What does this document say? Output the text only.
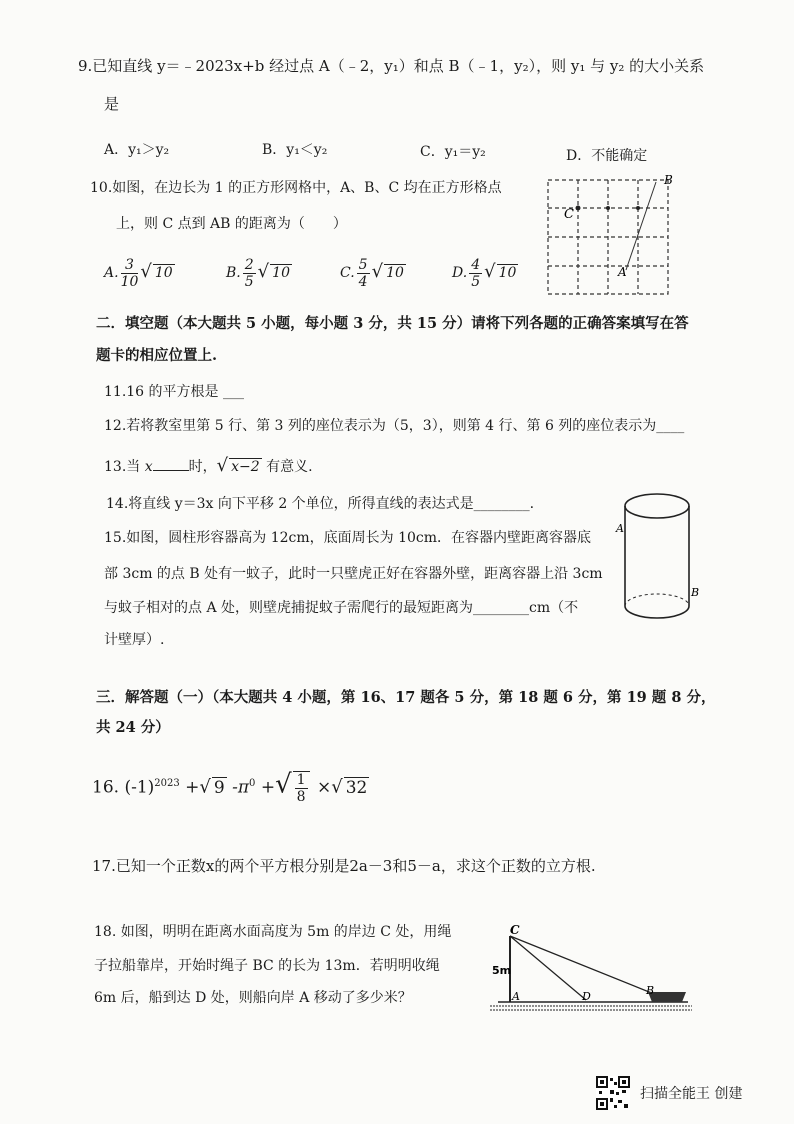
9.已知直线 y＝﹣2023x+b 经过点 A（﹣2，y₁）和点 B（﹣1，y₂），则 y₁ 与 y₂ 的大小关系
是
A．y₁＞y₂	B．y₁＜y₂	C．y₁＝y₂	D．不能确定
10.如图，在边长为 1 的正方形网格中，A、B、C 均在正方形格点
上，则 C 点到 AB 的距离为（　　）
A. $\frac{3}{10}$ √ 10	B. $\frac{2}{5}$ √ 10	C. $\frac{5}{4}$ √ 10	D. $\frac{4}{5}$ √ 10
C
B
A
二．填空题（本大题共 5 小题，每小题 3 分，共 15 分）请将下列各题的正确答案填写在答
题卡的相应位置上.
11.16 的平方根是 ___
12.若将教室里第 5 行、第 3 列的座位表示为（5，3），则第 4 行、第 6 列的座位表示为____
13.当 x	时，√ x−2 有意义.
14.将直线 y＝3x 向下平移 2 个单位，所得直线的表达式是________.
15.如图，圆柱形容器高为 12cm，底面周长为 10cm．在容器内壁距离容器底
部 3cm 的点 B 处有一蚊子，此时一只壁虎正好在容器外壁，距离容器上沿 3cm
与蚊子相对的点 A 处，则壁虎捕捉蚊子需爬行的最短距离为________cm（不
计壁厚）.
A
B
三．解答题（一）（本大题共 4 小题，第 16、17 题各 5 分，第 18 题 6 分，第 19 题 8 分，
共 24 分）
16. $(-1)^{2023}$ +√ 9 $-\pi^0$ +√ $\frac{1}{8}$ ×√ 32
17.已知一个正数x的两个平方根分别是2a－3和5－a，求这个正数的立方根.
18. 如图，明明在距离水面高度为 5m 的岸边 C 处，用绳
子拉船靠岸，开始时绳子 BC 的长为 13m．若明明收绳
6m 后，船到达 D 处，则船向岸 A 移动了多少米？
C
5m
A	D	B
扫描全能王 创建
